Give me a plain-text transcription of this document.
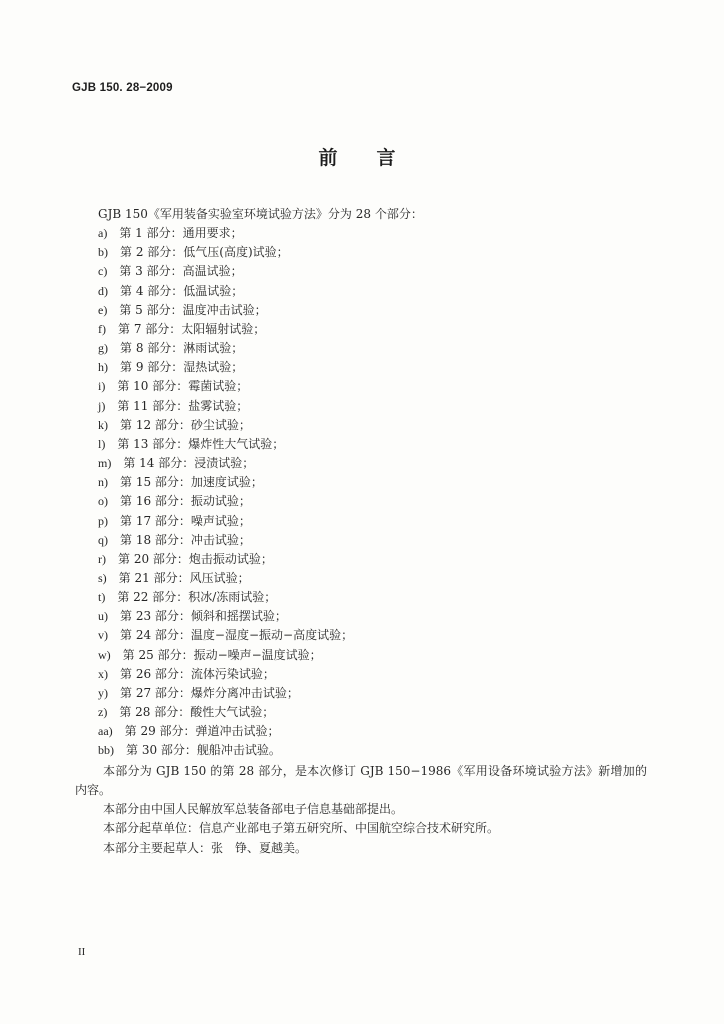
GJB 150. 28−2009
前　言
GJB 150《军用装备实验室环境试验方法》分为 28 个部分：
a) 第 1 部分：通用要求；
b) 第 2 部分：低气压(高度)试验；
c) 第 3 部分：高温试验；
d) 第 4 部分：低温试验；
e) 第 5 部分：温度冲击试验；
f) 第 7 部分：太阳辐射试验；
g) 第 8 部分：淋雨试验；
h) 第 9 部分：湿热试验；
i) 第 10 部分：霉菌试验；
j) 第 11 部分：盐雾试验；
k) 第 12 部分：砂尘试验；
l) 第 13 部分：爆炸性大气试验；
m) 第 14 部分：浸渍试验；
n) 第 15 部分：加速度试验；
o) 第 16 部分：振动试验；
p) 第 17 部分：噪声试验；
q) 第 18 部分：冲击试验；
r) 第 20 部分：炮击振动试验；
s) 第 21 部分：风压试验；
t) 第 22 部分：积冰/冻雨试验；
u) 第 23 部分：倾斜和摇摆试验；
v) 第 24 部分：温度−湿度−振动−高度试验；
w) 第 25 部分：振动−噪声−温度试验；
x) 第 26 部分：流体污染试验；
y) 第 27 部分：爆炸分离冲击试验；
z) 第 28 部分：酸性大气试验；
aa) 第 29 部分：弹道冲击试验；
bb) 第 30 部分：舰船冲击试验。

本部分为 GJB 150 的第 28 部分，是本次修订 GJB 150−1986《军用设备环境试验方法》新增加的内容。

本部分由中国人民解放军总装备部电子信息基础部提出。

本部分起草单位：信息产业部电子第五研究所、中国航空综合技术研究所。

本部分主要起草人：张　铮、夏越美。

II
